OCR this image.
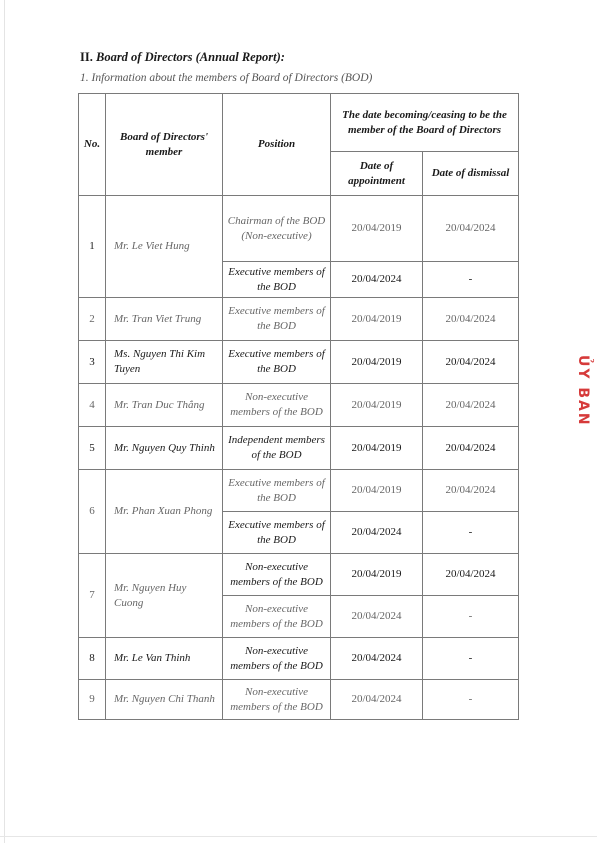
II. Board of Directors (Annual Report):
1. Information about the members of Board of Directors (BOD)
No.	Board of Directors' member	Position	The date becoming/ceasing to be the member of the Board of Directors	
			Date of appointment	Date of dismissal
1	Mr. Le Viet Hung	Chairman of the BOD (Non-executive)	20/04/2019	20/04/2024
		Executive members of the BOD	20/04/2024	-
2	Mr. Tran Viet Trung	Executive members of the BOD	20/04/2019	20/04/2024
3	Ms. Nguyen Thi Kim Tuyen	Executive members of the BOD	20/04/2019	20/04/2024
4	Mr. Tran Duc Thắng	Non-executive members of the BOD	20/04/2019	20/04/2024
5	Mr. Nguyen Quy Thinh	Independent members of the BOD	20/04/2019	20/04/2024
6	Mr. Phan Xuan Phong	Executive members of the BOD	20/04/2019	20/04/2024
		Executive members of the BOD	20/04/2024	-
7	Mr. Nguyen Huy Cuong	Non-executive members of the BOD	20/04/2019	20/04/2024
		Non-executive members of the BOD	20/04/2024	-
8	Mr. Le Van Thinh	Non-executive members of the BOD	20/04/2024	-
9	Mr. Nguyen Chi Thanh	Non-executive members of the BOD	20/04/2024	-
ỦY BAN
